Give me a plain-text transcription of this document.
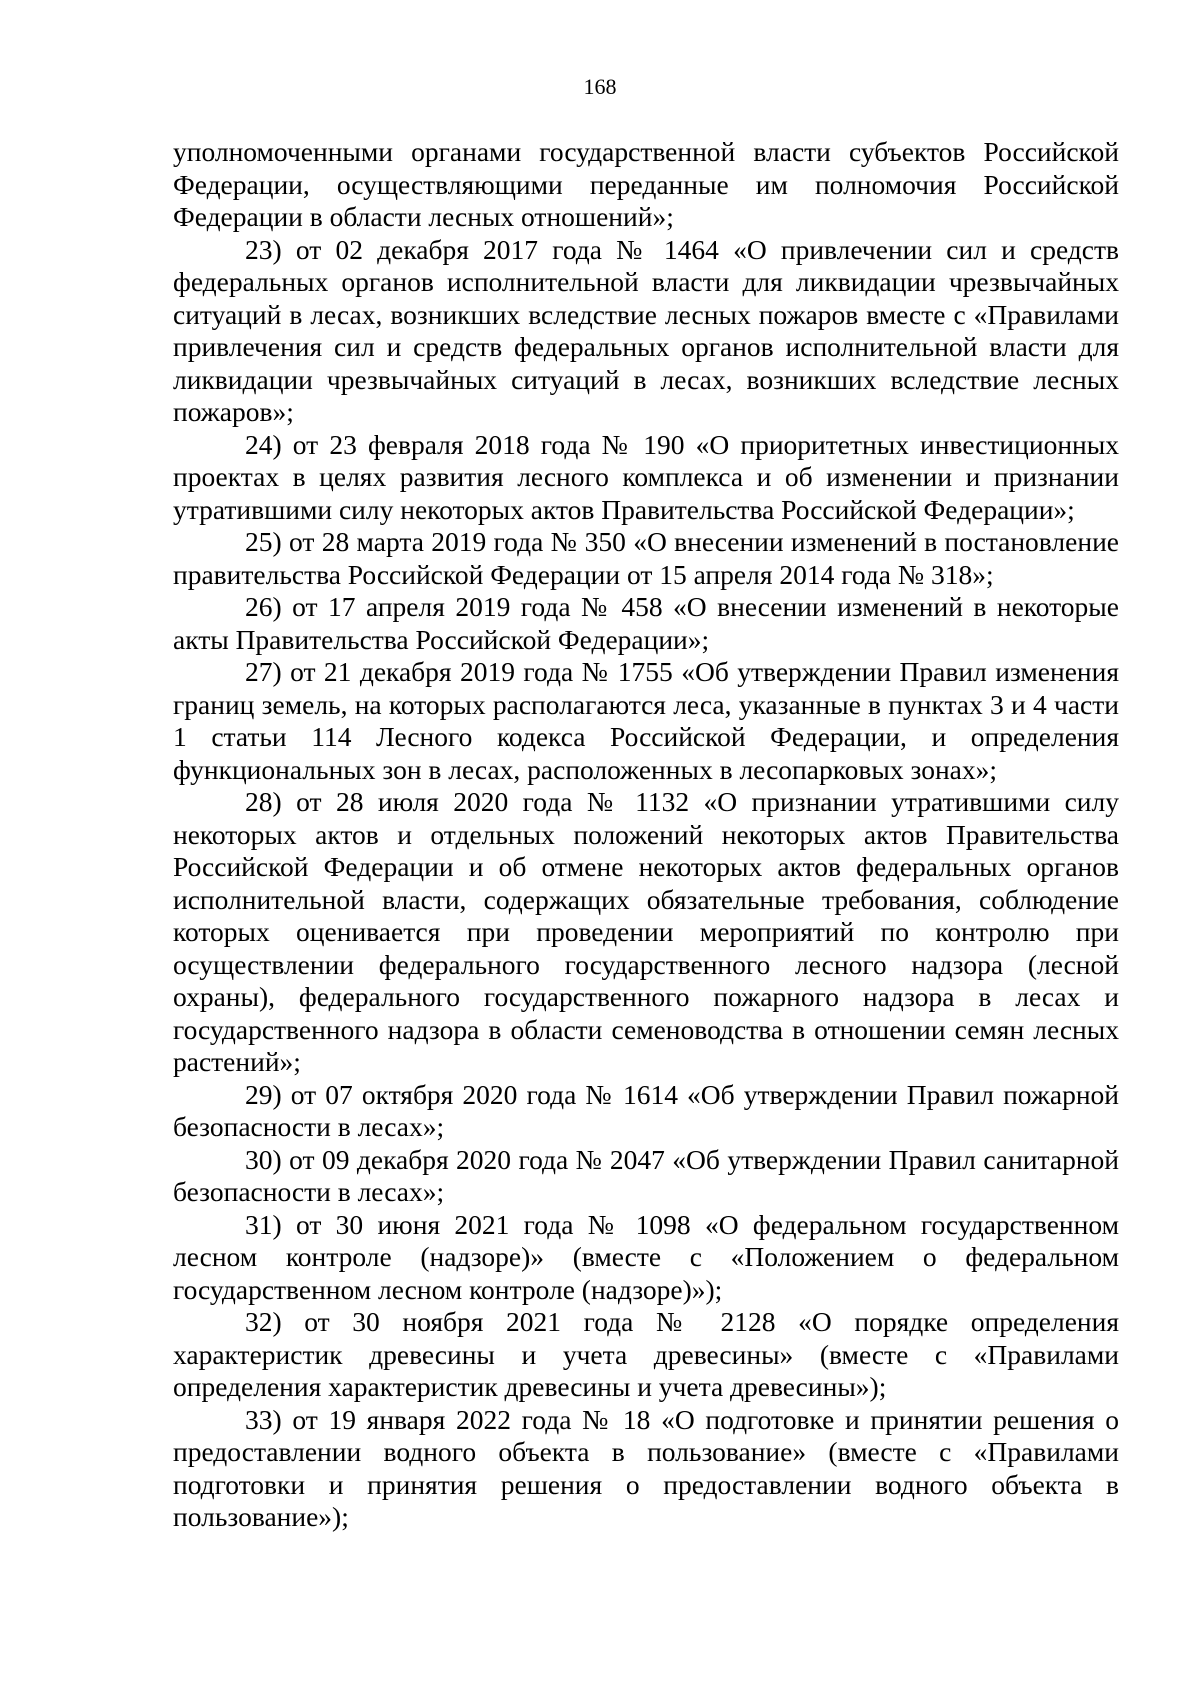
168

уполномоченными органами государственной власти субъектов Российской Федерации, осуществляющими переданные им полномочия Российской Федерации в области лесных отношений»;

23) от 02 декабря 2017 года № 1464 «О привлечении сил и средств федеральных органов исполнительной власти для ликвидации чрезвычайных ситуаций в лесах, возникших вследствие лесных пожаров вместе с «Правилами привлечения сил и средств федеральных органов исполнительной власти для ликвидации чрезвычайных ситуаций в лесах, возникших вследствие лесных пожаров»;

24) от 23 февраля 2018 года № 190 «О приоритетных инвестиционных проектах в целях развития лесного комплекса и об изменении и признании утратившими силу некоторых актов Правительства Российской Федерации»;

25) от 28 марта 2019 года № 350 «О внесении изменений в постановление правительства Российской Федерации от 15 апреля 2014 года № 318»;

26) от 17 апреля 2019 года № 458 «О внесении изменений в некоторые акты Правительства Российской Федерации»;

27) от 21 декабря 2019 года № 1755 «Об утверждении Правил изменения границ земель, на которых располагаются леса, указанные в пунктах 3 и 4 части 1 статьи 114 Лесного кодекса Российской Федерации, и определения функциональных зон в лесах, расположенных в лесопарковых зонах»;

28) от 28 июля 2020 года № 1132 «О признании утратившими силу некоторых актов и отдельных положений некоторых актов Правительства Российской Федерации и об отмене некоторых актов федеральных органов исполнительной власти, содержащих обязательные требования, соблюдение которых оценивается при проведении мероприятий по контролю при осуществлении федерального государственного лесного надзора (лесной охраны), федерального государственного пожарного надзора в лесах и государственного надзора в области семеноводства в отношении семян лесных растений»;

29) от 07 октября 2020 года № 1614 «Об утверждении Правил пожарной безопасности в лесах»;

30) от 09 декабря 2020 года № 2047 «Об утверждении Правил санитарной безопасности в лесах»;

31) от 30 июня 2021 года № 1098 «О федеральном государственном лесном контроле (надзоре)» (вместе с «Положением о федеральном государственном лесном контроле (надзоре)»);

32) от 30 ноября 2021 года № 2128 «О порядке определения характеристик древесины и учета древесины» (вместе с «Правилами определения характеристик древесины и учета древесины»);

33) от 19 января 2022 года № 18 «О подготовке и принятии решения о предоставлении водного объекта в пользование» (вместе с «Правилами подготовки и принятия решения о предоставлении водного объекта в пользование»);
